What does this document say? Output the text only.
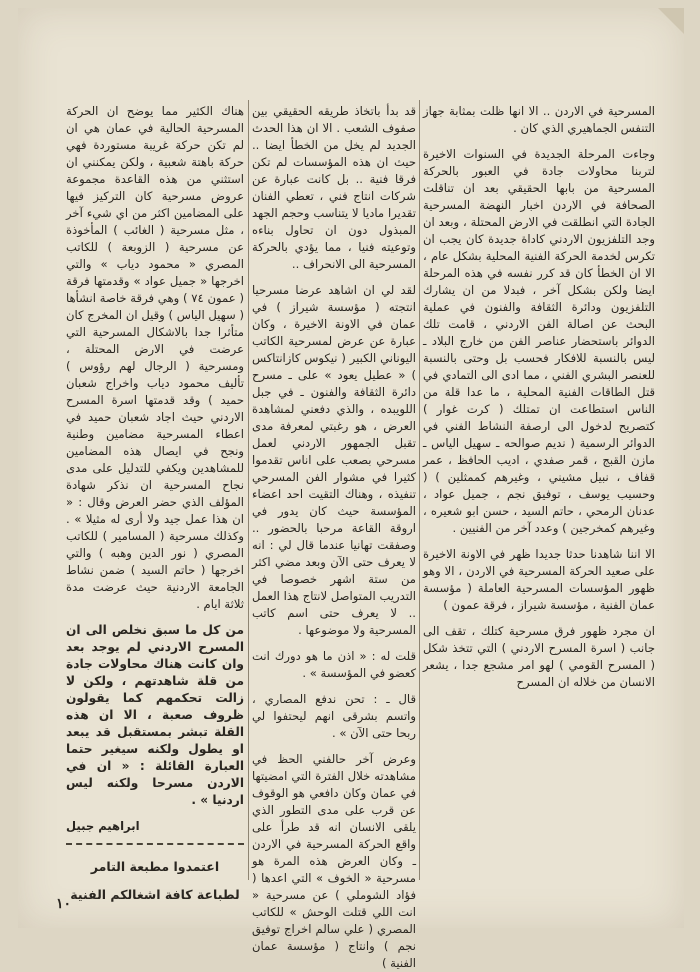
المسرحية في الاردن .. الا انها ظلت بمثابة جهاز التنفس الجماهيري الذي كان .

وجاءت المرحلة الجديدة في السنوات الاخيرة لتربنا محاولات جادة في العبور بالحركة المسرحية من بابها الحقيقي بعد ان تناقلت الصحافة في الاردن اخبار النهضة المسرحية الجادة التي انطلقت في الارض المحتلة ، وبعد ان وجد التلفزيون الاردني كاداة جديدة كان يجب ان تكرس لخدمة الحركة الفنية المحلية بشكل عام ، الا ان الخطأ كان قد كرر نفسه في هذه المرحلة ايضا ولكن بشكل آخر ، فبدلا من ان يشارك التلفزيون ودائرة الثقافة والفنون في عملية البحث عن اصالة الفن الاردني ، قامت تلك الدوائر باستحضار عناصر الفن من خارج البلاد ـ ليس بالنسبة للافكار فحسب بل وحتى بالنسبة للعنصر البشري الفني ، مما ادى الى التمادي في قتل الطاقات الفنية المحلية ، ما عدا قلة من الناس استطاعت ان تمتلك ( كرت غوار ) كتصريح لدخول الى ارصفة النشاط الفني في الدوائر الرسمية ( نديم صوالحه ـ سهيل الياس ـ مازن القبج ، قمر صفدي ، اديب الحافظ ، عمر قفاف ، نبيل مشيني ، وغيرهم كممثلين ) ( وحسيب يوسف ، توفيق نجم ، جميل عواد ، عدنان الرمحي ، حاتم السيد ، حسن ابو شعيره ، وغيرهم كمخرجين ) وعدد آخر من الفنيين .

الا اننا شاهدنا حدثا جديدا ظهر في الاونة الاخيرة على صعيد الحركة المسرحية في الاردن ، الا وهو ظهور المؤسسات المسرحية العاملة ( مؤسسة عمان الفنية ، مؤسسة شيراز ، فرقة عمون )

ان مجرد ظهور فرق مسرحية كتلك ، تقف الى جانب ( اسرة المسرح الاردني ) التي تتخذ شكل ( المسرح القومي ) لهو امر مشجع جدا ، يشعر الانسان من خلاله ان المسرح

قد بدأ باتخاذ طريقه الحقيقي بين صفوف الشعب . الا ان هذا الحدث الجديد لم يخل من الخطأ ايضا .. حيث ان هذه المؤسسات لم تكن فرقا فنية .. بل كانت عبارة عن شركات انتاج فني ، تعطي الفنان تقديرا ماديا لا يتناسب وحجم الجهد المبذول دون ان تحاول بناءه وتوعيته فنيا ، مما يؤدي بالحركة المسرحية الى الانحراف ..

لقد لي ان اشاهد عرضا مسرحيا انتجته ( مؤسسة شيراز ) في عمان في الاونة الاخيرة ، وكان عبارة عن عرض لمسرحية الكاتب اليوناني الكبير ( نيكوس كازانتاكس ) « عطيل يعود » على ـ مسرح دائرة الثقافة والفنون ـ في جبل اللويبده ، والذي دفعني لمشاهدة العرض ، هو رغبتي لمعرفة مدى تقبل الجمهور الاردني لعمل مسرحي بصعب على اناس تقدموا كثيرا في مشوار الفن المسرحي تنفيذه ، وهناك التقيت احد اعضاء المؤسسة حيث كان يدور في اروقة القاعة مرحبا بالحضور .. وصفقت تهانيا عندما قال لي : انه لا يعرف حتى الآن وبعد مضي اكثر من ستة اشهر خصوصا في التدريب المتواصل لانتاج هذا العمل .. لا يعرف حتى اسم كاتب المسرحية ولا موضوعها .

قلت له : « اذن ما هو دورك انت كعضو في المؤسسة » .

قال ـ : تحن ندفع المصاري ، واتسم بشرقى انهم ليحتفوا لي ربحا حتى الآن » .

وعرض آخر حالفني الحظ في مشاهدته خلال الفترة التي امضيتها في عمان وكان دافعي هو الوقوف عن قرب على مدى التطور الذي يلقى الانسان انه قد طرأ على واقع الحركة المسرحية في الاردن ـ وكان العرض هذه المرة هو مسرحية « الخوف » التي اعدها ( فؤاد الشوملي ) عن مسرحية « انت اللي قتلت الوحش » للكاتب المصري ( علي سالم اخراج توفيق نجم ) وانتاج ( مؤسسة عمان الفنية )

هناك الكثير مما يوضح ان الحركة المسرحية الحالية في عمان هي ان لم تكن حركة غريبة مستوردة فهي حركة باهتة شعبية ، ولكن يمكنني ان استثني من هذه القاعدة مجموعة عروض مسرحية كان التركيز فيها على المضامين اكثر من اي شيء آخر ، مثل مسرحية ( الغائب ) المأخوذة عن مسرحية ( الزوبعة ) للكاتب المصري « محمود دياب » والتي اخرجها « جميل عواد » وقدمتها فرقة ( عمون ٧٤ ) وهي فرقة خاصة انشأها ( سهيل الياس ) وقيل ان المخرج كان متأثرا جدا بالاشكال المسرحية التي عرضت في الارض المحتلة ، ومسرحية ( الرجال لهم رؤوس ) تأليف محمود دياب واخراج شعبان حميد ) وقد قدمتها اسرة المسرح الاردني حيث اجاد شعبان حميد في اعطاء المسرحية مضامين وطنية ونجح في ايصال هذه المضامين للمشاهدين ويكفي للتدليل على مدى نجاح المسرحية ان نذكر شهادة المؤلف الذي حضر العرض وقال : « ان هذا عمل جيد ولا أرى له مثيلا » . وكذلك مسرحية ( المسامير ) للكاتب المصري ( نور الدين وهبه ) والتي اخرجها ( حاتم السيد ) ضمن نشاط الجامعة الاردنية حيث عرضت مدة ثلاثة ايام .

من كل ما سبق نخلص الى ان المسرح الاردني لم يوجد بعد وان كانت هناك محاولات جادة من قلة شاهدتهم ، ولكن لا زالت تحكمهم كما يقولون ظروف صعبة ، الا ان هذه القلة تبشر بمستقبل قد يبعد او يطول ولكنه سيغير حتما العبارة القائلة : « ان في الاردن مسرحا ولكنه ليس اردنيا » .

ابراهيم جبيل
اعتمدوا مطبعة التامر
لطباعة كافة اشغالكم الفنية
١٠
